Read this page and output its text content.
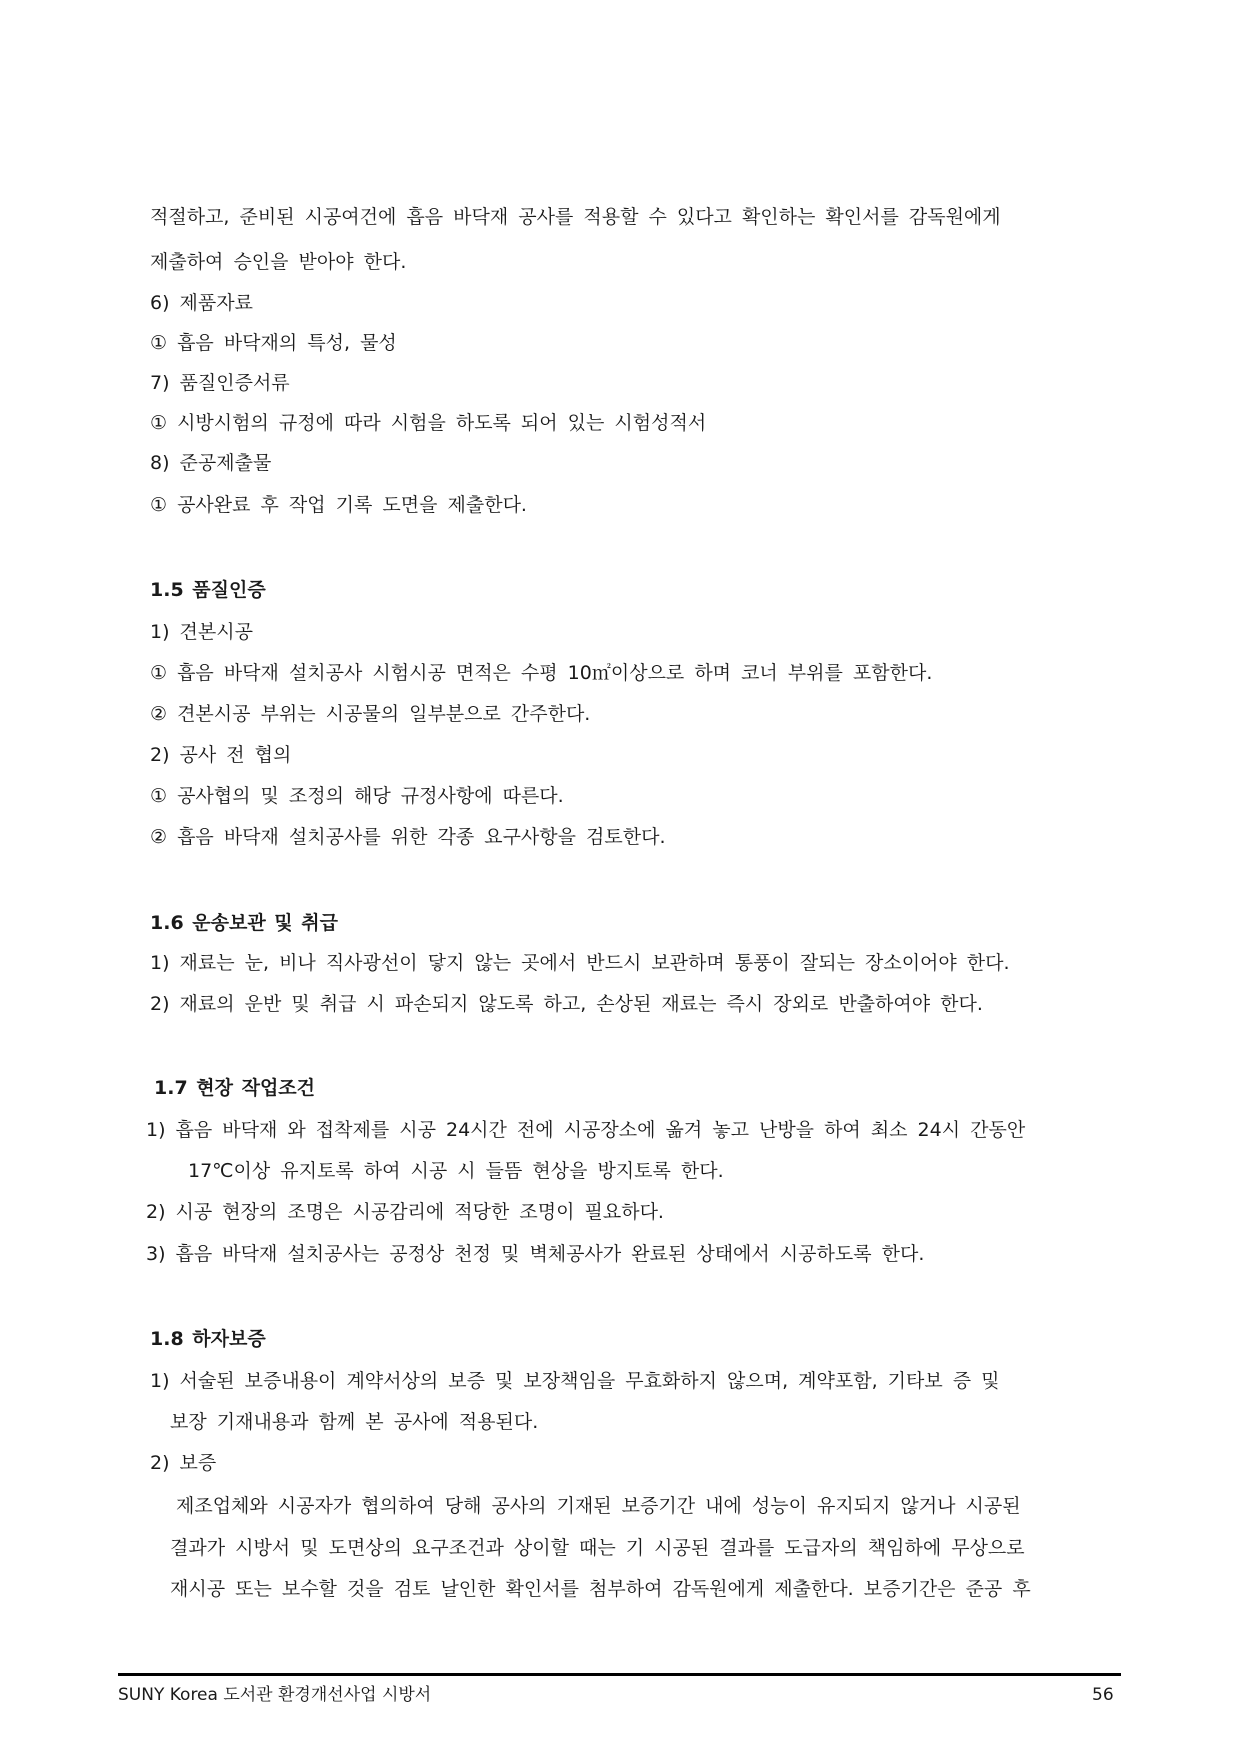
적절하고, 준비된 시공여건에 흡음 바닥재 공사를 적용할 수 있다고 확인하는 확인서를 감독원에게
제출하여 승인을 받아야 한다.
6) 제품자료
① 흡음 바닥재의 특성, 물성
7) 품질인증서류
① 시방시험의 규정에 따라 시험을 하도록 되어 있는 시험성적서
8) 준공제출물
① 공사완료 후 작업 기록 도면을 제출한다.
1.5 품질인증
1) 견본시공
① 흡음 바닥재 설치공사 시험시공 면적은 수평 10㎡이상으로 하며 코너 부위를 포함한다.
② 견본시공 부위는 시공물의 일부분으로 간주한다.
2) 공사 전 협의
① 공사협의 및 조정의 해당 규정사항에 따른다.
② 흡음 바닥재 설치공사를 위한 각종 요구사항을 검토한다.
1.6 운송보관 및 취급
1) 재료는 눈, 비나 직사광선이 닿지 않는 곳에서 반드시 보관하며 통풍이 잘되는 장소이어야 한다.
2) 재료의 운반 및 취급 시 파손되지 않도록 하고, 손상된 재료는 즉시 장외로 반출하여야 한다.
1.7 현장 작업조건
1) 흡음 바닥재 와 접착제를 시공 24시간 전에 시공장소에 옮겨 놓고 난방을 하여 최소 24시 간동안
17℃이상 유지토록 하여 시공 시 들뜸 현상을 방지토록 한다.
2) 시공 현장의 조명은 시공감리에 적당한 조명이 필요하다.
3) 흡음 바닥재 설치공사는 공정상 천정 및 벽체공사가 완료된 상태에서 시공하도록 한다.
1.8 하자보증
1) 서술된 보증내용이 계약서상의 보증 및 보장책임을 무효화하지 않으며, 계약포함, 기타보 증 및
보장 기재내용과 함께 본 공사에 적용된다.
2) 보증
제조업체와 시공자가 협의하여 당해 공사의 기재된 보증기간 내에 성능이 유지되지 않거나 시공된
결과가 시방서 및 도면상의 요구조건과 상이할 때는 기 시공된 결과를 도급자의 책임하에 무상으로
재시공 또는 보수할 것을 검토 날인한 확인서를 첨부하여 감독원에게 제출한다. 보증기간은 준공 후
SUNY Korea 도서관 환경개선사업 시방서	56
